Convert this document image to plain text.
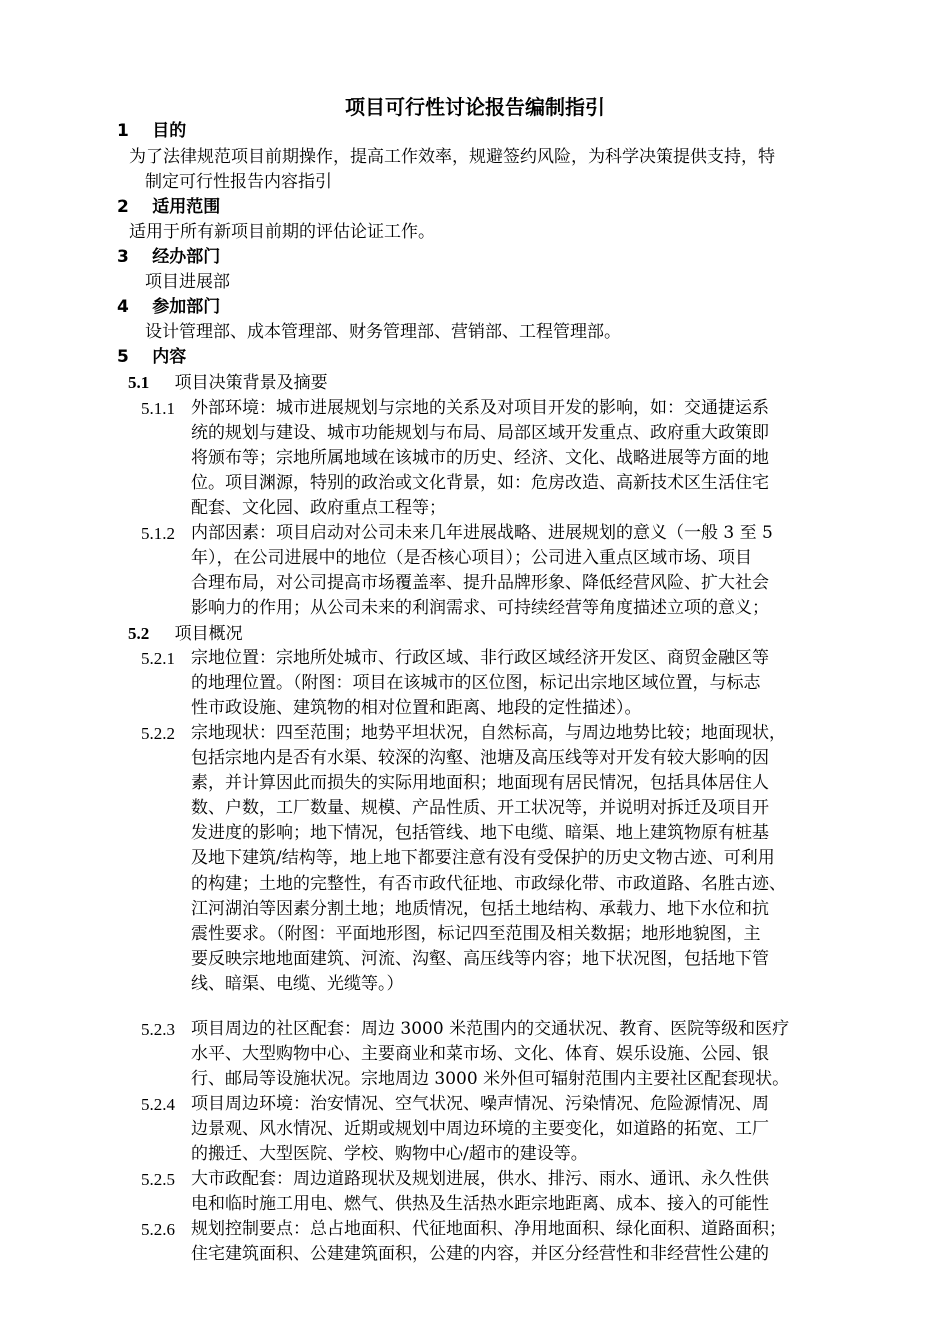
项目可行性讨论报告编制指引
1 目的
为了法律规范项目前期操作，提高工作效率，规避签约风险，为科学决策提供支持，特
制定可行性报告内容指引
2 适用范围
适用于所有新项目前期的评估论证工作。
3 经办部门
项目进展部
4 参加部门
设计管理部、成本管理部、财务管理部、营销部、工程管理部。
5 内容
5.1 项目决策背景及摘要
5.1.1 外部环境：城市进展规划与宗地的关系及对项目开发的影响，如：交通捷运系
统的规划与建设、城市功能规划与布局、局部区域开发重点、政府重大政策即
将颁布等；宗地所属地域在该城市的历史、经济、文化、战略进展等方面的地
位。项目渊源，特别的政治或文化背景，如：危房改造、高新技术区生活住宅
配套、文化园、政府重点工程等；
5.1.2 内部因素：项目启动对公司未来几年进展战略、进展规划的意义（一般 3 至 5
年），在公司进展中的地位（是否核心项目）；公司进入重点区域市场、项目
合理布局，对公司提高市场覆盖率、提升品牌形象、降低经营风险、扩大社会
影响力的作用；从公司未来的利润需求、可持续经营等角度描述立项的意义；
5.2 项目概况
5.2.1 宗地位置：宗地所处城市、行政区域、非行政区域经济开发区、商贸金融区等
的地理位置。（附图：项目在该城市的区位图，标记出宗地区域位置，与标志
性市政设施、建筑物的相对位置和距离、地段的定性描述）。
5.2.2 宗地现状：四至范围；地势平坦状况，自然标高，与周边地势比较；地面现状，
包括宗地内是否有水渠、较深的沟壑、池塘及高压线等对开发有较大影响的因
素，并计算因此而损失的实际用地面积；地面现有居民情况，包括具体居住人
数、户数，工厂数量、规模、产品性质、开工状况等，并说明对拆迁及项目开
发进度的影响；地下情况，包括管线、地下电缆、暗渠、地上建筑物原有桩基
及地下建筑/结构等，地上地下都要注意有没有受保护的历史文物古迹、可利用
的构建；土地的完整性，有否市政代征地、市政绿化带、市政道路、名胜古迹、
江河湖泊等因素分割土地；地质情况，包括土地结构、承载力、地下水位和抗
震性要求。（附图：平面地形图，标记四至范围及相关数据；地形地貌图，主
要反映宗地地面建筑、河流、沟壑、高压线等内容；地下状况图，包括地下管
线、暗渠、电缆、光缆等。）
5.2.3 项目周边的社区配套：周边 3000 米范围内的交通状况、教育、医院等级和医疗
水平、大型购物中心、主要商业和菜市场、文化、体育、娱乐设施、公园、银
行、邮局等设施状况。宗地周边 3000 米外但可辐射范围内主要社区配套现状。
5.2.4 项目周边环境：治安情况、空气状况、噪声情况、污染情况、危险源情况、周
边景观、风水情况、近期或规划中周边环境的主要变化，如道路的拓宽、工厂
的搬迁、大型医院、学校、购物中心/超市的建设等。
5.2.5 大市政配套：周边道路现状及规划进展，供水、排污、雨水、通讯、永久性供
电和临时施工用电、燃气、供热及生活热水距宗地距离、成本、接入的可能性
5.2.6 规划控制要点：总占地面积、代征地面积、净用地面积、绿化面积、道路面积；
住宅建筑面积、公建建筑面积，公建的内容，并区分经营性和非经营性公建的
